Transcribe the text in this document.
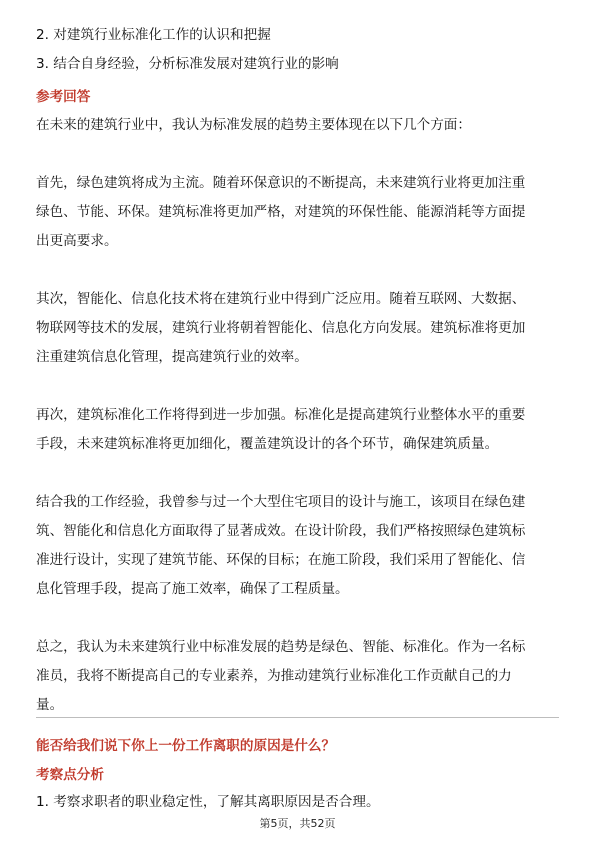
2. 对建筑行业标准化工作的认识和把握
3. 结合自身经验，分析标准发展对建筑行业的影响
参考回答
在未来的建筑行业中，我认为标准发展的趋势主要体现在以下几个方面：
首先，绿色建筑将成为主流。随着环保意识的不断提高，未来建筑行业将更加注重
绿色、节能、环保。建筑标准将更加严格，对建筑的环保性能、能源消耗等方面提
出更高要求。
其次，智能化、信息化技术将在建筑行业中得到广泛应用。随着互联网、大数据、
物联网等技术的发展，建筑行业将朝着智能化、信息化方向发展。建筑标准将更加
注重建筑信息化管理，提高建筑行业的效率。
再次，建筑标准化工作将得到进一步加强。标准化是提高建筑行业整体水平的重要
手段，未来建筑标准将更加细化，覆盖建筑设计的各个环节，确保建筑质量。
结合我的工作经验，我曾参与过一个大型住宅项目的设计与施工，该项目在绿色建
筑、智能化和信息化方面取得了显著成效。在设计阶段，我们严格按照绿色建筑标
准进行设计，实现了建筑节能、环保的目标；在施工阶段，我们采用了智能化、信
息化管理手段，提高了施工效率，确保了工程质量。
总之，我认为未来建筑行业中标准发展的趋势是绿色、智能、标准化。作为一名标
准员，我将不断提高自己的专业素养，为推动建筑行业标准化工作贡献自己的力
量。
能否给我们说下你上一份工作离职的原因是什么？
考察点分析
1. 考察求职者的职业稳定性，了解其离职原因是否合理。
第5页，共52页
